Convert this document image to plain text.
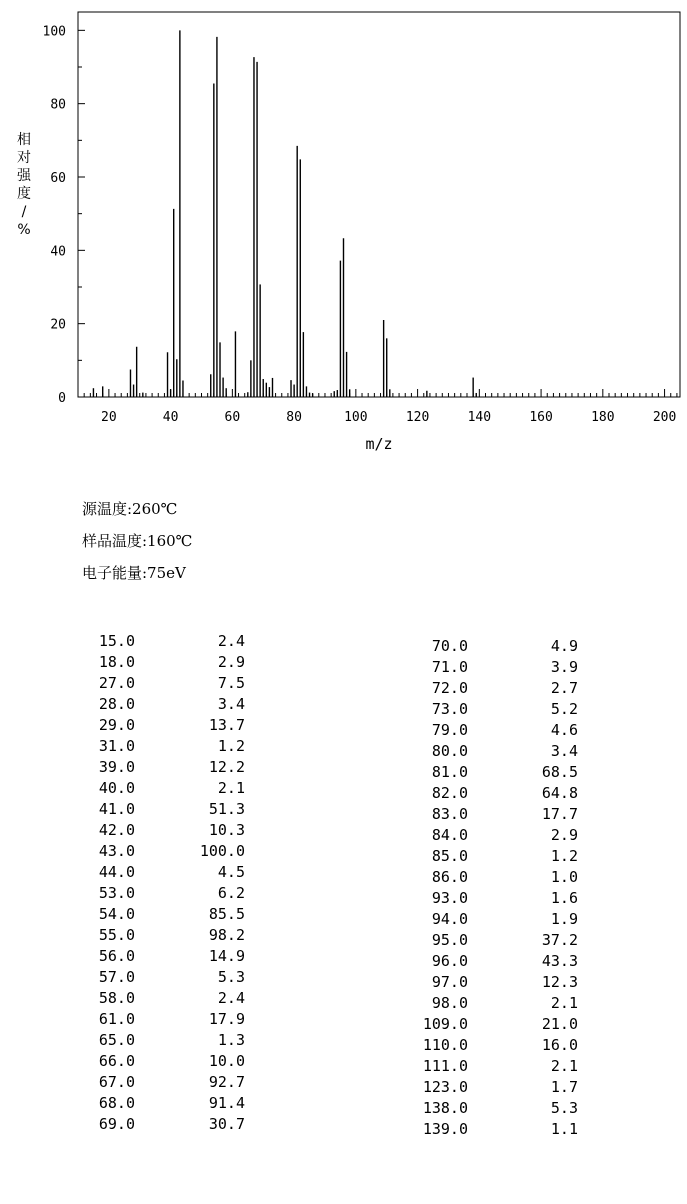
20	40	60	80	100	120	140	160	180	200
0
20
40
60
80
100
m/z
相
对
强
度
/
%
源温度:260℃
样品温度:160℃
电子能量:75eV
15.0	2.4
18.0	2.9
27.0	7.5
28.0	3.4
29.0	13.7
31.0	1.2
39.0	12.2
40.0	2.1
41.0	51.3
42.0	10.3
43.0	100.0
44.0	4.5
53.0	6.2
54.0	85.5
55.0	98.2
56.0	14.9
57.0	5.3
58.0	2.4
61.0	17.9
65.0	1.3
66.0	10.0
67.0	92.7
68.0	91.4
69.0	30.7
70.0	4.9
71.0	3.9
72.0	2.7
73.0	5.2
79.0	4.6
80.0	3.4
81.0	68.5
82.0	64.8
83.0	17.7
84.0	2.9
85.0	1.2
86.0	1.0
93.0	1.6
94.0	1.9
95.0	37.2
96.0	43.3
97.0	12.3
98.0	2.1
109.0	21.0
110.0	16.0
111.0	2.1
123.0	1.7
138.0	5.3
139.0	1.1
